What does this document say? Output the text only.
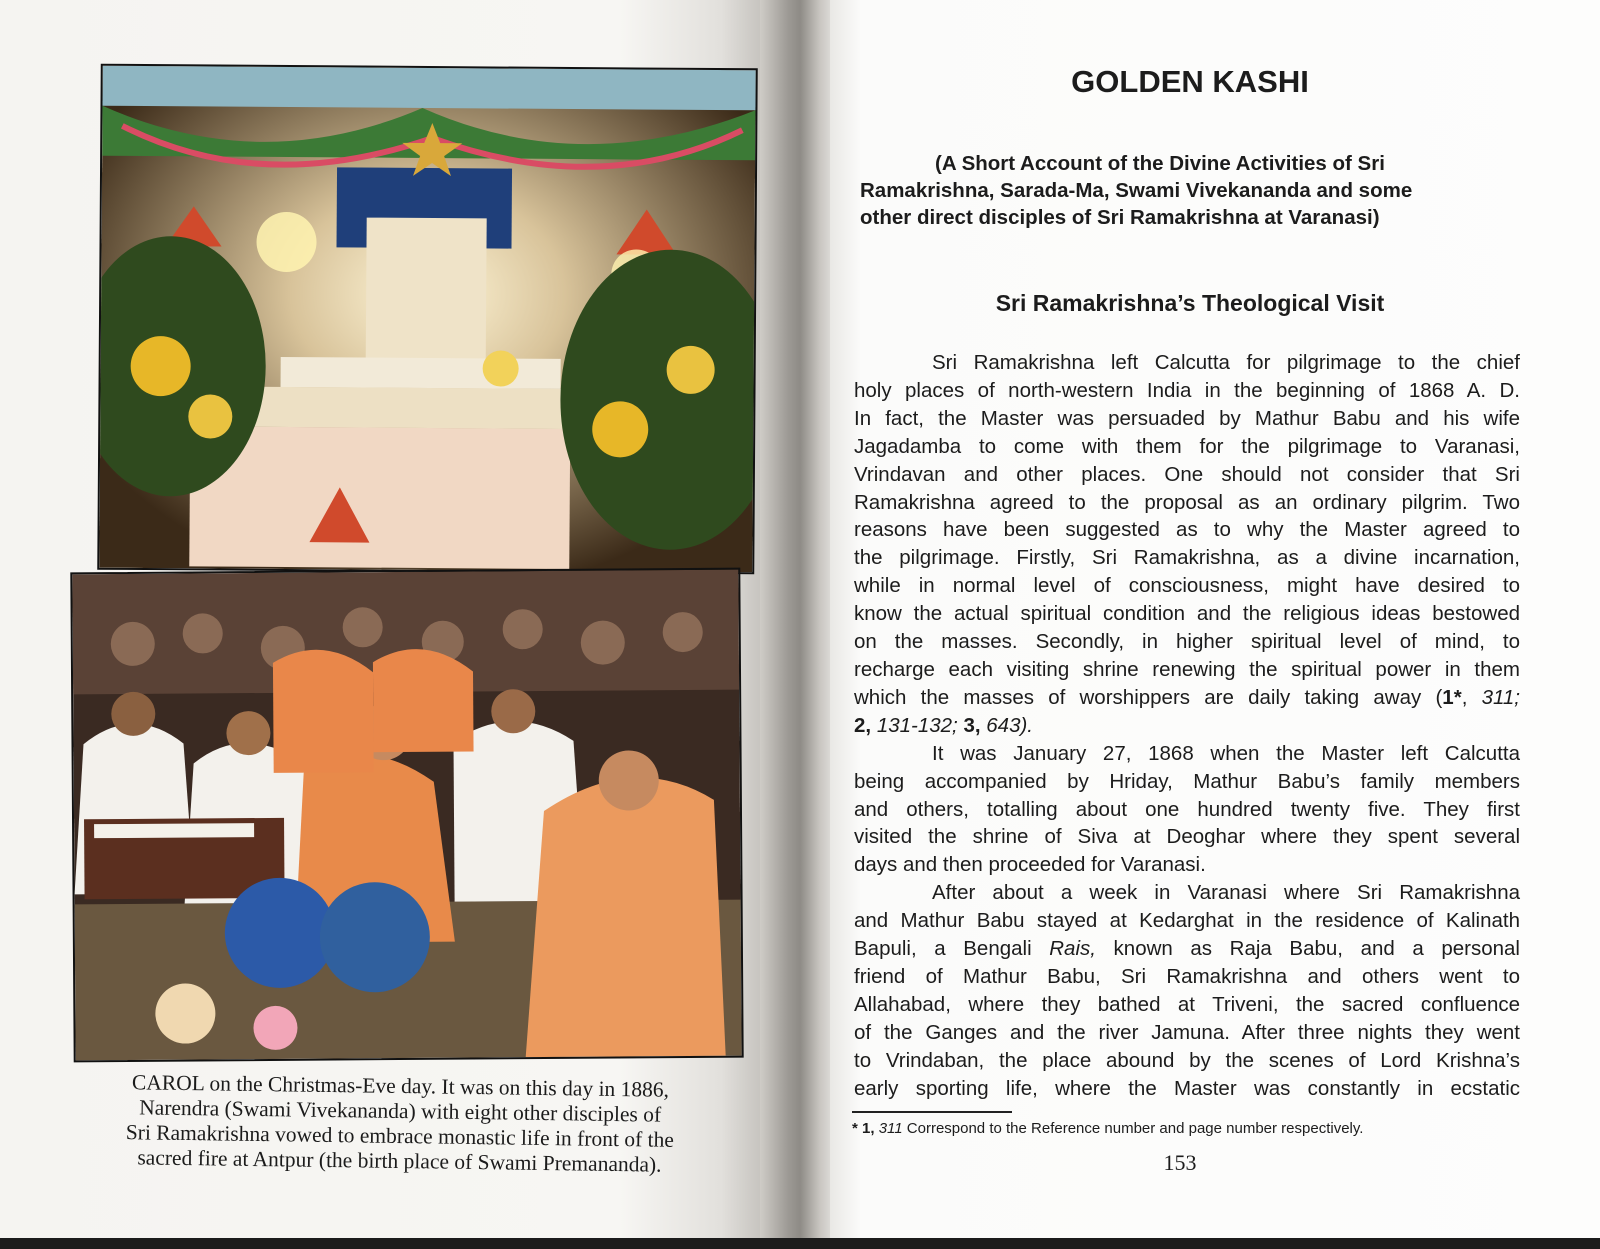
CAROL on the Christmas-Eve day. It was on this day in 1886,

Narendra (Swami Vivekananda) with eight other disciples of

Sri Ramakrishna vowed to embrace monastic life in front of the

sacred fire at Antpur (the birth place of Swami Premananda).

GOLDEN KASHI
(A Short Account of the Divine Activities of Sri
Ramakrishna, Sarada-Ma, Swami Vivekananda and some
other direct disciples of Sri Ramakrishna at Varanasi)
Sri Ramakrishna’s Theological Visit
Sri Ramakrishna left Calcutta for pilgrimage to the chief
holy places of north-western India in the beginning of 1868 A. D.
In fact, the Master was persuaded by Mathur Babu and his wife
Jagadamba to come with them for the pilgrimage to Varanasi,
Vrindavan and other places. One should not consider that Sri
Ramakrishna agreed to the proposal as an ordinary pilgrim. Two
reasons have been suggested as to why the Master agreed to
the pilgrimage. Firstly, Sri Ramakrishna, as a divine incarnation,
while in normal level of consciousness, might have desired to
know the actual spiritual condition and the religious ideas bestowed
on the masses. Secondly, in higher spiritual level of mind, to
recharge each visiting shrine renewing the spiritual power in them
which the masses of worshippers are daily taking away (1*, 311;
2, 131-132; 3, 643).
It was January 27, 1868 when the Master left Calcutta
being accompanied by Hriday, Mathur Babu’s family members
and others, totalling about one hundred twenty five. They first
visited the shrine of Siva at Deoghar where they spent several
days and then proceeded for Varanasi.
After about a week in Varanasi where Sri Ramakrishna
and Mathur Babu stayed at Kedarghat in the residence of Kalinath
Bapuli, a Bengali Rais, known as Raja Babu, and a personal
friend of Mathur Babu, Sri Ramakrishna and others went to
Allahabad, where they bathed at Triveni, the sacred confluence
of the Ganges and the river Jamuna. After three nights they went
to Vrindaban, the place abound by the scenes of Lord Krishna’s
early sporting life, where the Master was constantly in ecstatic
* 1, 311 Correspond to the Reference number and page number respectively.
153
